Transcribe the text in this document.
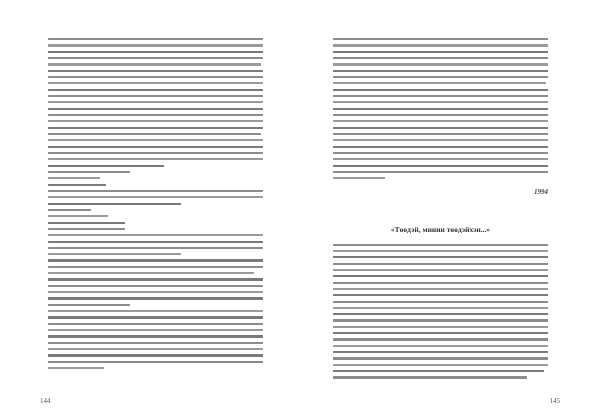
144
1994
«Төөдэй, минии төөдэйхэн...»
145
